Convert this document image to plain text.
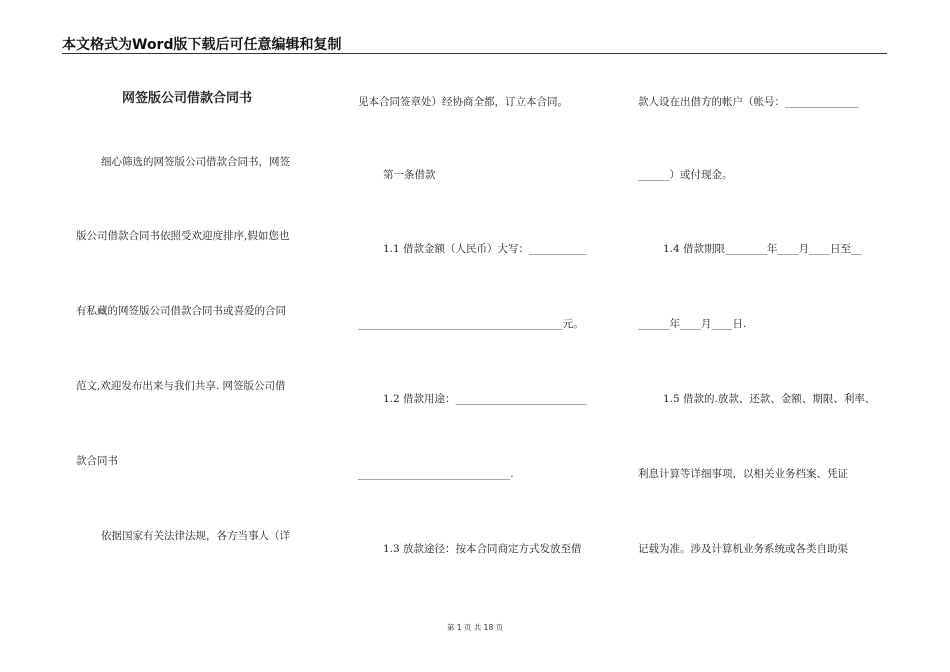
本文格式为Word版下载后可任意编辑和复制
网签版公司借款合同书
细心筛选的网签版公司借款合同书，网签
版公司借款合同书依照受欢迎度排序,假如您也
有私藏的网签版公司借款合同书或喜爱的合同
范文,欢迎发布出来与我们共享. 网签版公司借
款合同书
依据国家有关法律法规，各方当事人（详
见本合同签章处）经协商全都，订立本合同。
第一条借款
1.1 借款金额（人民币）大写：___________
_______________________________________元。
1.2 借款用途：_________________________
_____________________________.
1.3 放款途径：按本合同商定方式发放至借
款人设在出借方的帐户（帐号：______________
______）或付现金。
1.4 借款期限________年____月____日至__
______年____月____日.
1.5 借款的.放款、还款、金额、期限、利率、
利息计算等详细事项，以相关业务档案、凭证
记载为准。涉及计算机业务系统或各类自助渠
第 1 页 共 18 页
